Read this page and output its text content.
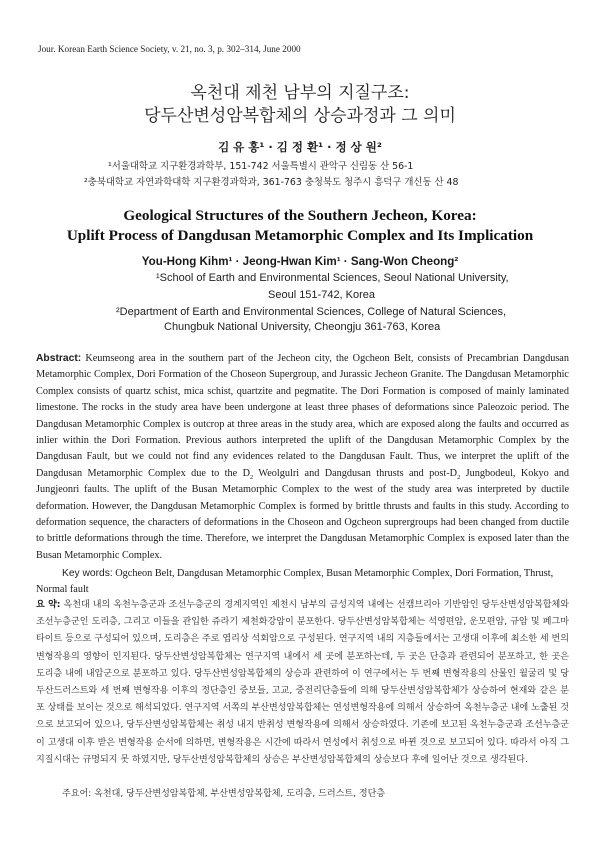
Jour. Korean Earth Science Society, v. 21, no. 3, p. 302–314, June 2000
옥천대 제천 남부의 지질구조:
당두산변성암복합체의 상승과정과 그 의미
김 유 홍¹ · 김 정 환¹ · 정 상 원²
¹서울대학교 지구환경과학부, 151-742 서울특별시 관악구 신림동 산 56-1
²충북대학교 자연과학대학 지구환경과학과, 361-763 충청북도 청주시 흥덕구 개신동 산 48
Geological Structures of the Southern Jecheon, Korea:
Uplift Process of Dangdusan Metamorphic Complex and Its Implication
You-Hong Kihm¹ · Jeong-Hwan Kim¹ · Sang-Won Cheong²
¹School of Earth and Environmental Sciences, Seoul National University,
Seoul 151-742, Korea
²Department of Earth and Environmental Sciences, College of Natural Sciences,
Chungbuk National University, Cheongju 361-763, Korea
Abstract: Keumseong area in the southern part of the Jecheon city, the Ogcheon Belt, consists of Precambrian Dangdusan Metamorphic Complex, Dori Formation of the Choseon Supergroup, and Jurassic Jecheon Granite. The Dangdusan Metamorphic Complex consists of quartz schist, mica schist, quartzite and pegmatite. The Dori Formation is composed of mainly laminated limestone. The rocks in the study area have been undergone at least three phases of deformations since Paleozoic period. The Dangdusan Metamorphic Complex is outcrop at three areas in the study area, which are exposed along the faults and occurred as inlier within the Dori Formation. Previous authors interpreted the uplift of the Dangdusan Metamorphic Complex by the Dangdusan Fault, but we could not find any evidences related to the Dangdusan Fault. Thus, we interpret the uplift of the Dangdusan Metamorphic Complex due to the $D_2$ Weolgulri and Dangdusan thrusts and post-$D_2$ Jungbodeul, Kokyo and Jungjeonri faults. The uplift of the Busan Metamorphic Complex to the west of the study area was interpreted by ductile deformation. However, the Dangdusan Metamorphic Complex is formed by brittle thrusts and faults in this study. According to deformation sequence, the characters of deformations in the Choseon and Ogcheon suprergroups had been changed from ductile to brittle deformations through the time. Therefore, we interpret the Dangdusan Metamorphic Complex is exposed later than the Busan Metamorphic Complex.
Key words: Ogcheon Belt, Dangdusan Metamorphic Complex, Busan Metamorphic Complex, Dori Formation, Thrust, Normal fault
요 약: 옥천대 내의 옥천누층군과 조선누층군의 경계지역인 제천시 남부의 금성지역 내에는 선캠브리아 기반암인 당두산변성암복합체와 조선누층군인 도리층, 그리고 이들을 관입한 쥬라기 제천화강암이 분포한다. 당두산변성암복합체는 석영편암, 운모편암, 규암 및 페그마타이트 등으로 구성되어 있으며, 도리층은 주로 엽리상 석회암으로 구성된다. 연구지역 내의 지층들에서는 고생대 이후에 최소한 세 번의 변형작용의 영향이 인지된다. 당두산변성암복합체는 연구지역 내에서 세 곳에 분포하는데, 두 곳은 단층과 관련되어 분포하고, 한 곳은 도리층 내에 내압군으로 분포하고 있다. 당두산변성암복합체의 상승과 관련하여 이 연구에서는 두 번째 변형작용의 산물인 월굴리 및 당두산드러스트와 세 번째 변형작용 이후의 정단층인 중보들, 고교, 중전리단층들에 의해 당두산변성암복합체가 상승하여 현재와 같은 분포 상태를 보이는 것으로 해석되었다. 연구지역 서쪽의 부산변성암복합체는 연성변형작용에 의해서 상승하여 옥천누층군 내에 노출된 것으로 보고되어 있으나, 당두산변성암복합체는 취성 내지 반취성 변형작용에 의해서 상승하였다. 기존에 보고된 옥천누층군과 조선누층군이 고생대 이후 받은 변형작용 순서에 의하면, 변형작용은 시간에 따라서 연성에서 취성으로 바뀐 것으로 보고되어 있다. 따라서 아직 그 지질시대는 규명되지 못 하였지만, 당두산변성암복합체의 상승은 부산변성암복합체의 상승보다 후에 일어난 것으로 생각된다.
주요어: 옥천대, 당두산변성암복합체, 부산변성암복합체, 도리층, 드러스트, 정단층
